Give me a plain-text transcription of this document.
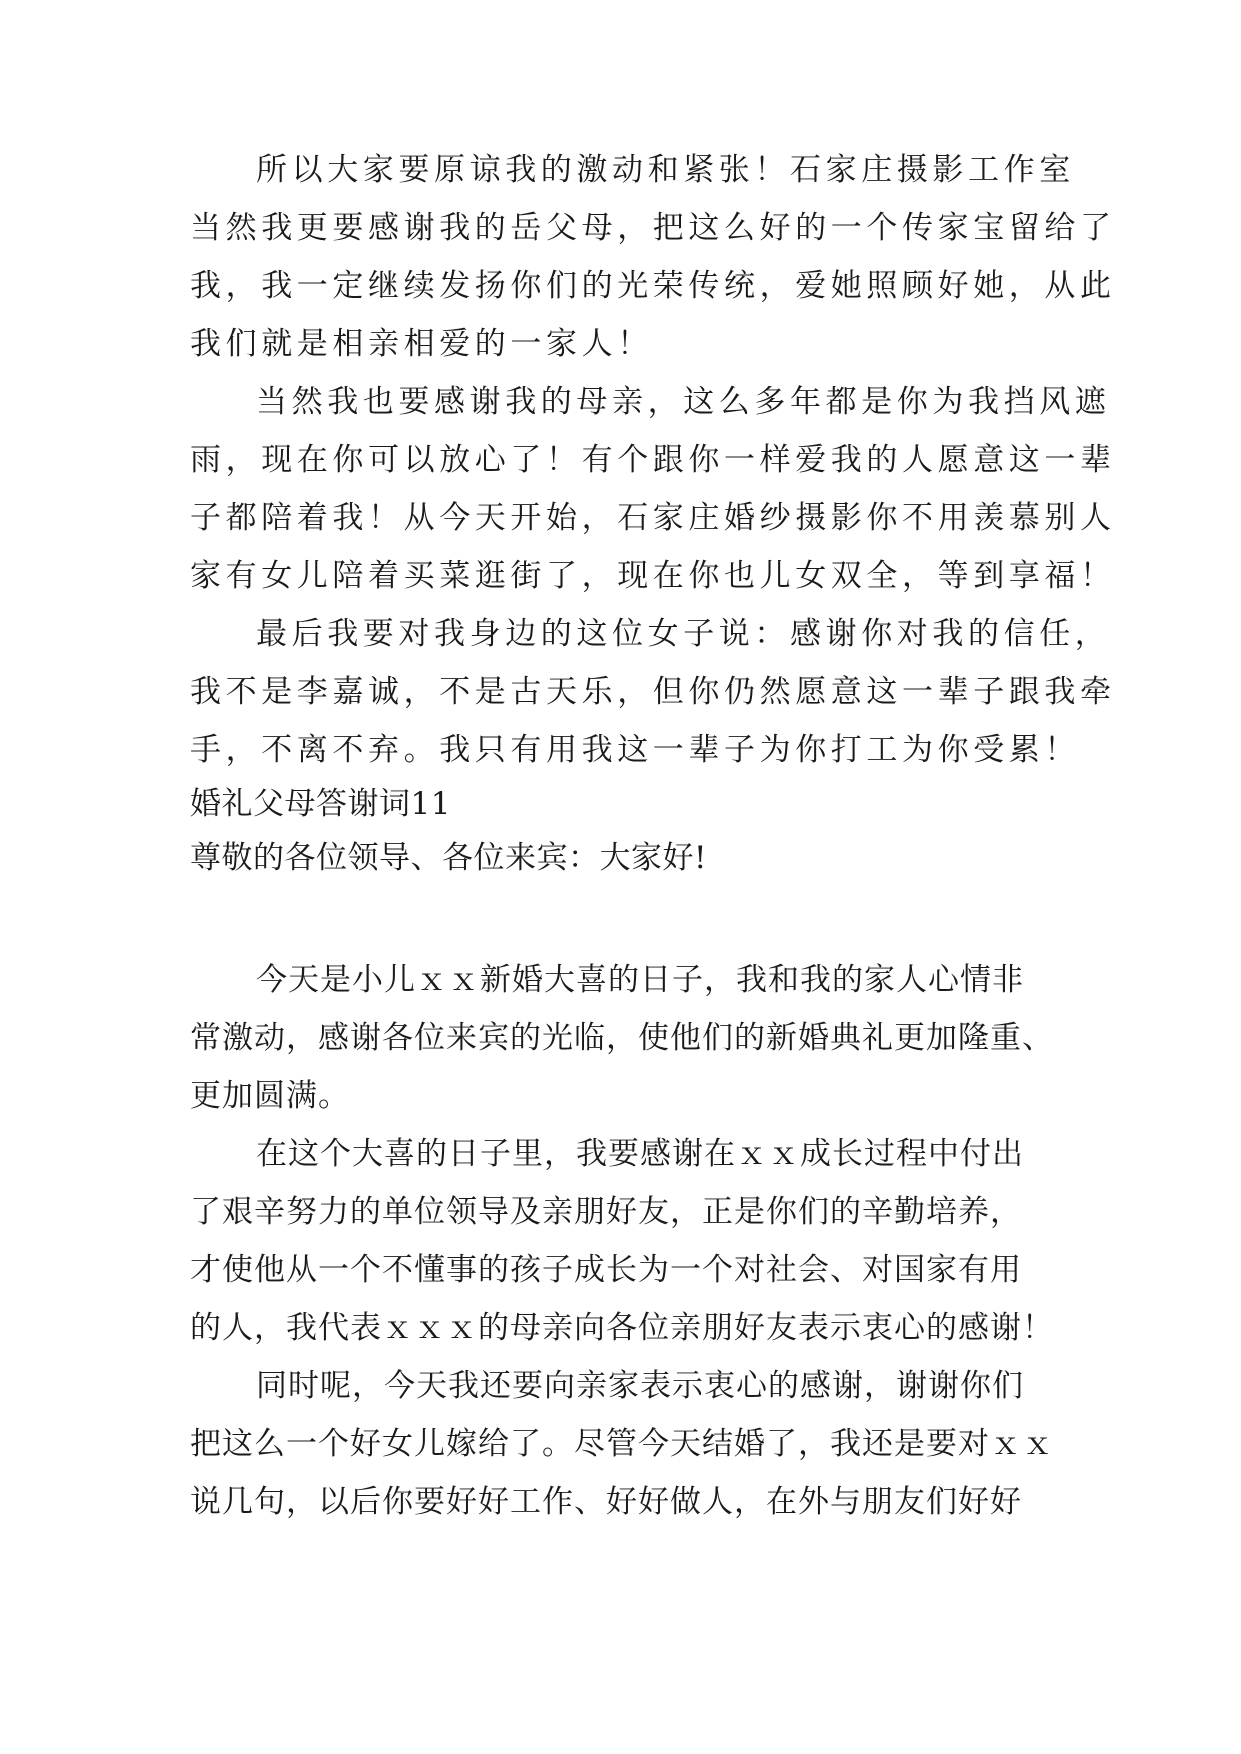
所以大家要原谅我的激动和紧张！石家庄摄影工作室
当然我更要感谢我的岳父母，把这么好的一个传家宝留给了
我，我一定继续发扬你们的光荣传统，爱她照顾好她，从此
我们就是相亲相爱的一家人！
当然我也要感谢我的母亲，这么多年都是你为我挡风遮
雨，现在你可以放心了！有个跟你一样爱我的人愿意这一辈
子都陪着我！从今天开始，石家庄婚纱摄影你不用羡慕别人
家有女儿陪着买菜逛街了，现在你也儿女双全，等到享福！
最后我要对我身边的这位女子说：感谢你对我的信任，
我不是李嘉诚，不是古天乐，但你仍然愿意这一辈子跟我牵
手，不离不弃。我只有用我这一辈子为你打工为你受累！
婚礼父母答谢词11
尊敬的各位领导、各位来宾：大家好!
今天是小儿ｘｘ新婚大喜的日子，我和我的家人心情非
常激动，感谢各位来宾的光临，使他们的新婚典礼更加隆重、
更加圆满。
在这个大喜的日子里，我要感谢在ｘｘ成长过程中付出
了艰辛努力的单位领导及亲朋好友，正是你们的辛勤培养，
才使他从一个不懂事的孩子成长为一个对社会、对国家有用
的人，我代表ｘｘｘ的母亲向各位亲朋好友表示衷心的感谢！
同时呢，今天我还要向亲家表示衷心的感谢，谢谢你们
把这么一个好女儿嫁给了。尽管今天结婚了，我还是要对ｘｘ
说几句，以后你要好好工作、好好做人，在外与朋友们好好
